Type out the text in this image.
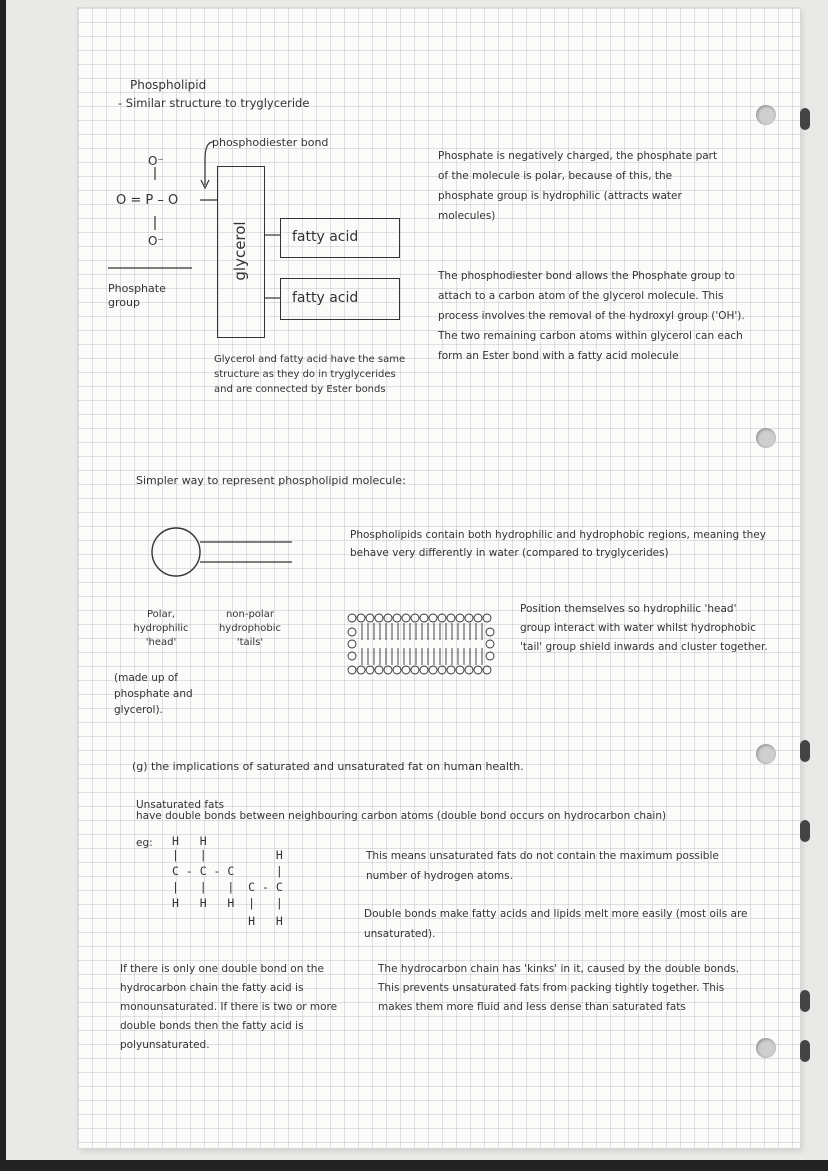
Phospholipid
- Similar structure to tryglyceride
phosphodiester bond
O⁻
O = P – O
O⁻	glycerol	fatty acid
fatty acid
Phosphate group
Glycerol and fatty acid have the same structure as they do in tryglycerides and are connected by Ester bonds
Phosphate is negatively charged, the phosphate part of the molecule is polar, because of this, the phosphate group is hydrophilic (attracts water molecules)
The phosphodiester bond allows the Phosphate group to attach to a carbon atom of the glycerol molecule. This process involves the removal of the hydroxyl group ('OH'). The two remaining carbon atoms within glycerol can each form an Ester bond with a fatty acid molecule
Simpler way to represent phospholipid molecule:
Polar, hydrophilic 'head'
non-polar hydrophobic 'tails'
(made up of phosphate and glycerol).
Phospholipids contain both hydrophilic and hydrophobic regions, meaning they behave very differently in water (compared to tryglycerides)
Position themselves so hydrophilic 'head' group interact with water whilst hydrophobic 'tail' group shield inwards and cluster together.
(g) the implications of saturated and unsaturated fat on human health.
Unsaturated fats
have double bonds between neighbouring carbon atoms (double bond occurs on hydrocarbon chain)
eg: H   H
|   |          H
C - C - C      |
|   |   |  C - C
H   H   H  |   |
H   H
This means unsaturated fats do not contain the maximum possible number of hydrogen atoms.
Double bonds make fatty acids and lipids melt more easily (most oils are unsaturated).
If there is only one double bond on the hydrocarbon chain the fatty acid is monounsaturated. If there is two or more double bonds then the fatty acid is polyunsaturated.
The hydrocarbon chain has 'kinks' in it, caused by the double bonds. This prevents unsaturated fats from packing tightly together. This makes them more fluid and less dense than saturated fats
